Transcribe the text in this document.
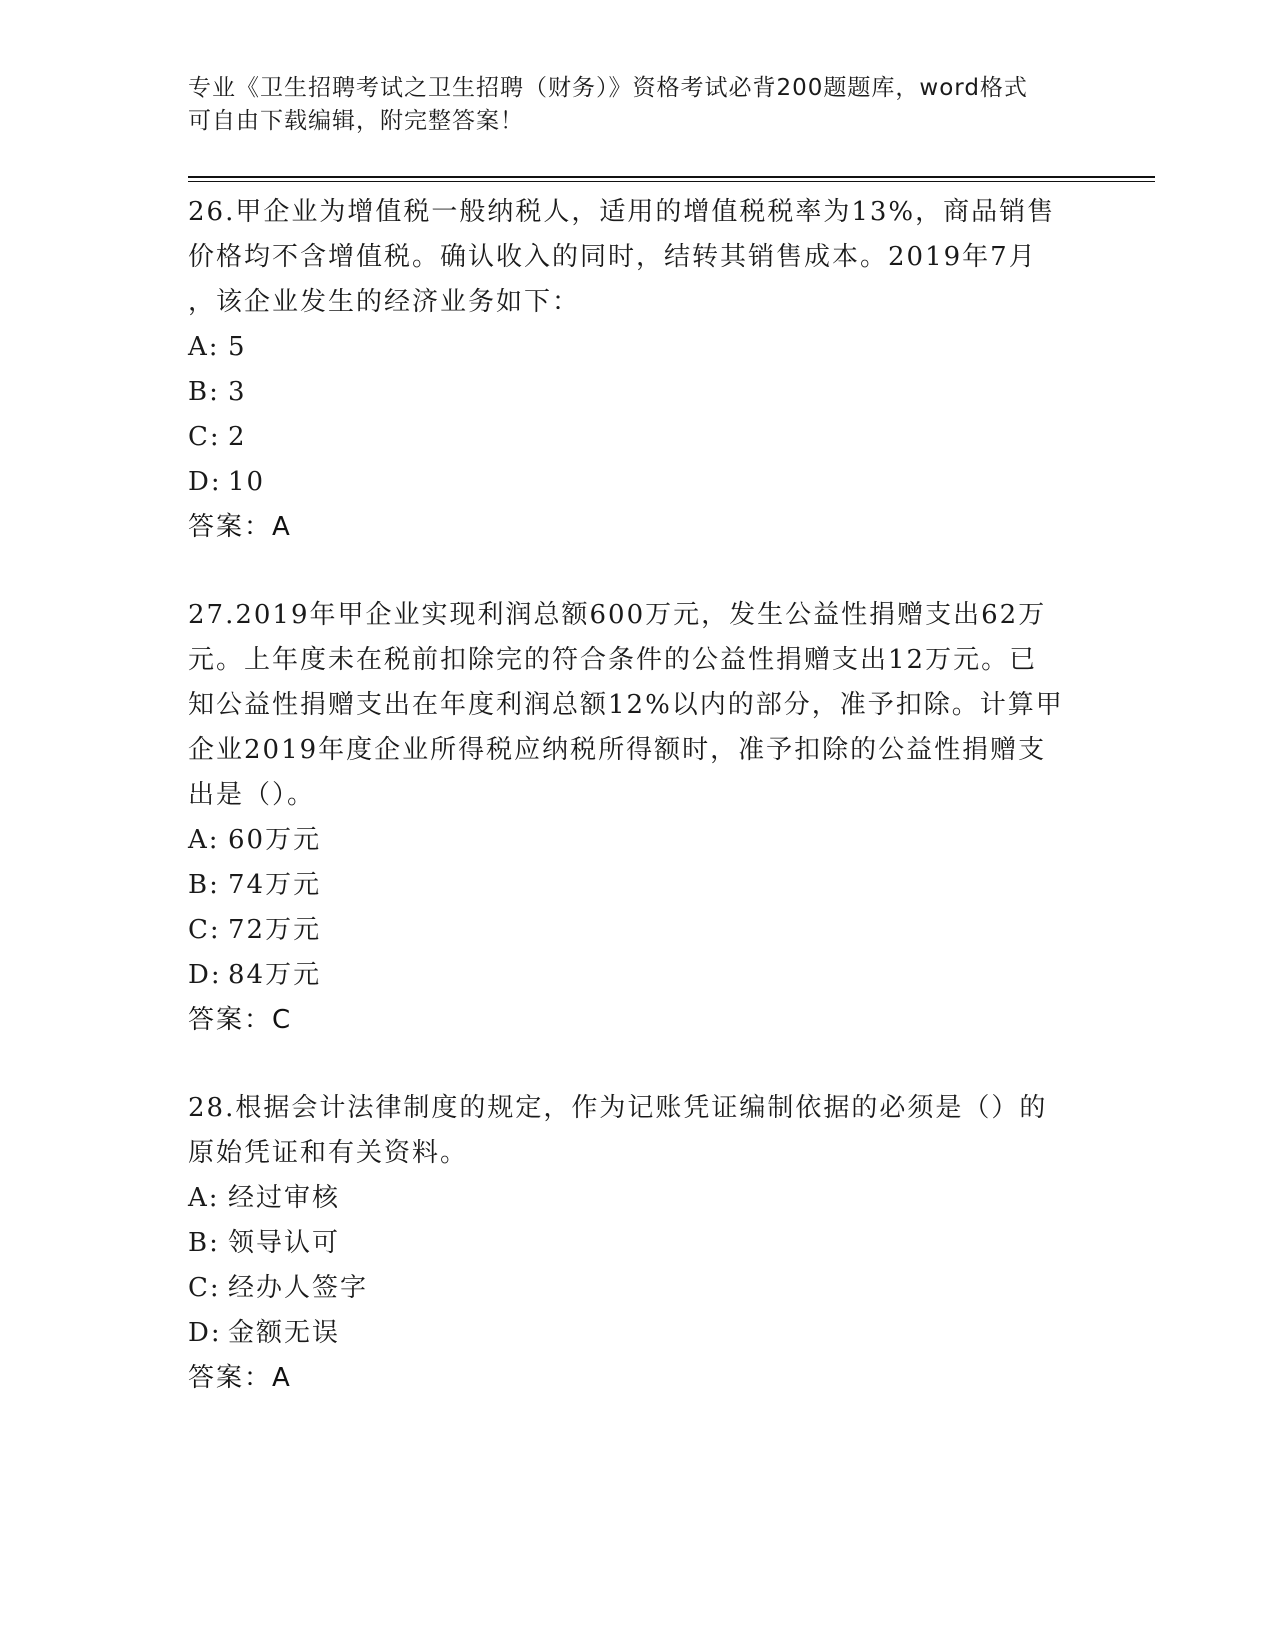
专业《卫生招聘考试之卫生招聘（财务）》资格考试必背200题题库，word格式
可自由下载编辑，附完整答案！

26.甲企业为增值税一般纳税人，适用的增值税税率为13%，商品销售

价格均不含增值税。确认收入的同时，结转其销售成本。2019年7月

，该企业发生的经济业务如下：

A: 5

B: 3

C: 2

D: 10

答案：A

27.2019年甲企业实现利润总额600万元，发生公益性捐赠支出62万

元。上年度未在税前扣除完的符合条件的公益性捐赠支出12万元。已

知公益性捐赠支出在年度利润总额12%以内的部分，准予扣除。计算甲

企业2019年度企业所得税应纳税所得额时，准予扣除的公益性捐赠支

出是（）。

A: 60万元

B: 74万元

C: 72万元

D: 84万元

答案：C

28.根据会计法律制度的规定，作为记账凭证编制依据的必须是（）的

原始凭证和有关资料。

A: 经过审核

B: 领导认可

C: 经办人签字

D: 金额无误

答案：A
